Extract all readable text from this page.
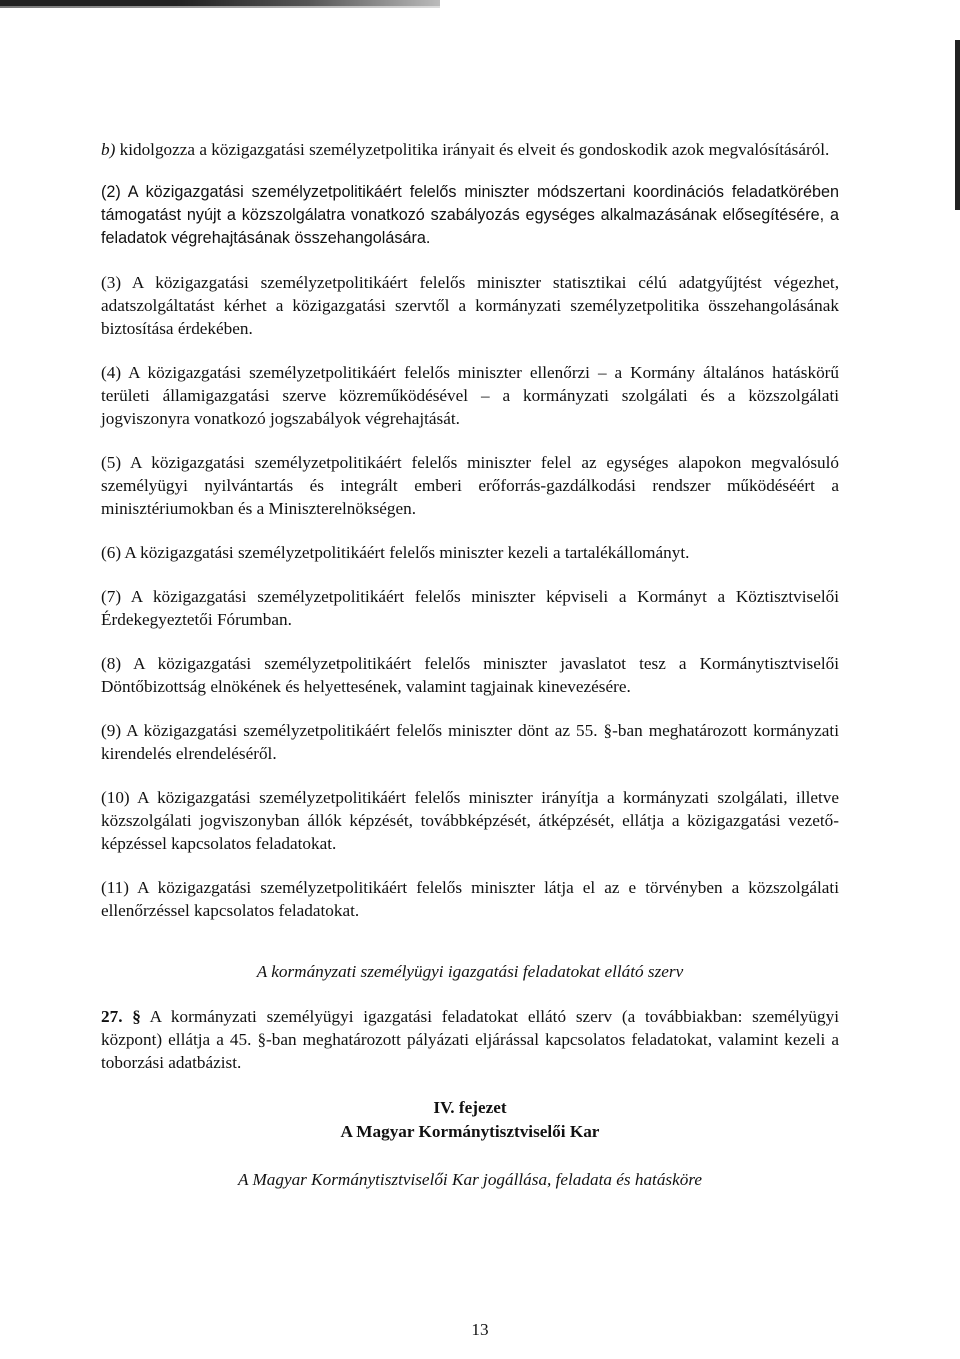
b) kidolgozza a közigazgatási személyzetpolitika irányait és elveit és gondoskodik azok megvalósításáról.

(2) A közigazgatási személyzetpolitikáért felelős miniszter módszertani koordinációs feladatkörében támogatást nyújt a közszolgálatra vonatkozó szabályozás egységes alkalmazásának elősegítésére, a feladatok végrehajtásának összehangolására.

(3) A közigazgatási személyzetpolitikáért felelős miniszter statisztikai célú adatgyűjtést végezhet, adatszolgáltatást kérhet a közigazgatási szervtől a kormányzati személyzetpolitika összehangolásának biztosítása érdekében.

(4) A közigazgatási személyzetpolitikáért felelős miniszter ellenőrzi – a Kormány általános hatáskörű területi államigazgatási szerve közreműködésével – a kormányzati szolgálati és a közszolgálati jogviszonyra vonatkozó jogszabályok végrehajtását.

(5) A közigazgatási személyzetpolitikáért felelős miniszter felel az egységes alapokon megvalósuló személyügyi nyilvántartás és integrált emberi erőforrás-gazdálkodási rendszer működéséért a minisztériumokban és a Miniszterelnökségen.

(6) A közigazgatási személyzetpolitikáért felelős miniszter kezeli a tartalékállományt.

(7) A közigazgatási személyzetpolitikáért felelős miniszter képviseli a Kormányt a Köztisztviselői Érdekegyeztetői Fórumban.

(8) A közigazgatási személyzetpolitikáért felelős miniszter javaslatot tesz a Kormánytisztviselői Döntőbizottság elnökének és helyettesének, valamint tagjainak kinevezésére.

(9) A közigazgatási személyzetpolitikáért felelős miniszter dönt az 55. §-ban meghatározott kormányzati kirendelés elrendeléséről.

(10) A közigazgatási személyzetpolitikáért felelős miniszter irányítja a kormányzati szolgálati, illetve közszolgálati jogviszonyban állók képzését, továbbképzését, átképzését, ellátja a közigazgatási vezető-képzéssel kapcsolatos feladatokat.

(11) A közigazgatási személyzetpolitikáért felelős miniszter látja el az e törvényben a közszolgálati ellenőrzéssel kapcsolatos feladatokat.

A kormányzati személyügyi igazgatási feladatokat ellátó szerv

27. § A kormányzati személyügyi igazgatási feladatokat ellátó szerv (a továbbiakban: személyügyi központ) ellátja a 45. §-ban meghatározott pályázati eljárással kapcsolatos feladatokat, valamint kezeli a toborzási adatbázist.

IV. fejezet
A Magyar Kormánytisztviselői Kar
A Magyar Kormánytisztviselői Kar jogállása, feladata és hatásköre
13
